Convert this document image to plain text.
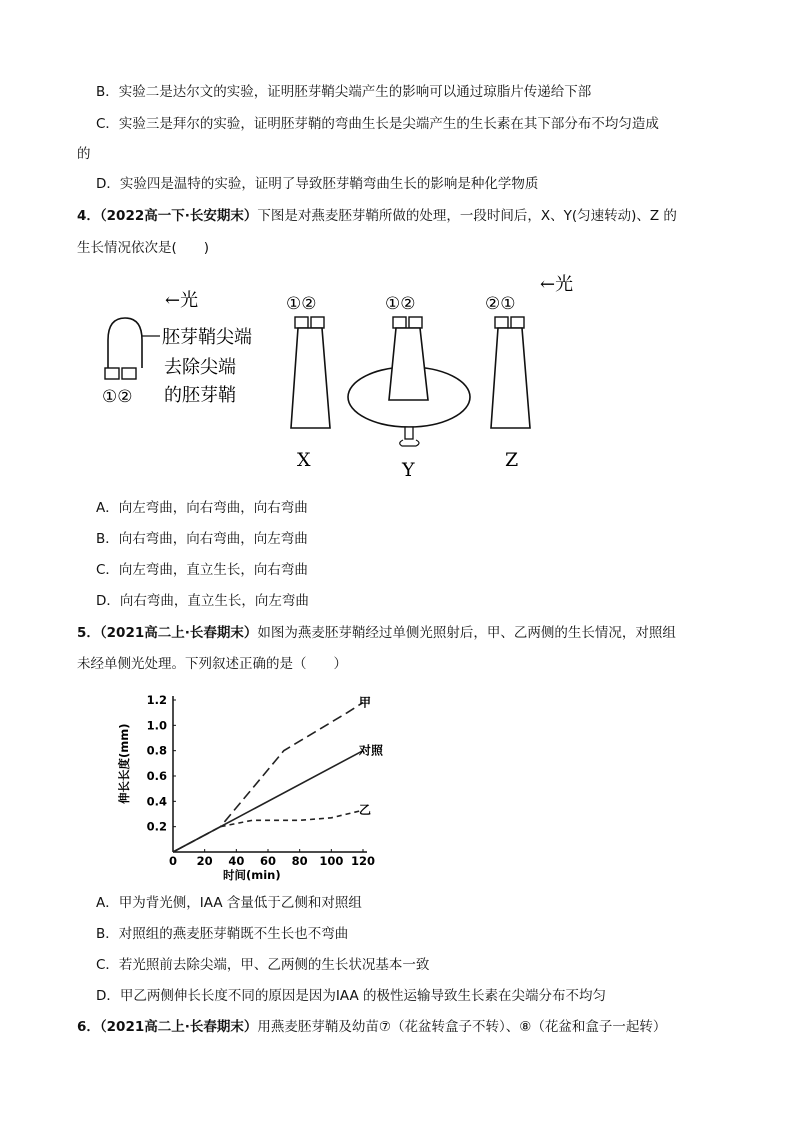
B．实验二是达尔文的实验，证明胚芽鞘尖端产生的影响可以通过琼脂片传递给下部
C．实验三是拜尔的实验，证明胚芽鞘的弯曲生长是尖端产生的生长素在其下部分布不均匀造成
的
D．实验四是温特的实验，证明了导致胚芽鞘弯曲生长的影响是种化学物质
4．（2022高一下·长安期末）下图是对燕麦胚芽鞘所做的处理，一段时间后，X、Y(匀速转动)、Z 的
生长情况依次是(　　)
←光
①②
胚芽鞘尖端
去除尖端
的胚芽鞘
①②
X
①②
Y
←光
②①
Z
A．向左弯曲，向右弯曲，向右弯曲
B．向右弯曲，向右弯曲，向左弯曲
C．向左弯曲，直立生长，向右弯曲
D．向右弯曲，直立生长，向左弯曲
5．（2021高二上·长春期末）如图为燕麦胚芽鞘经过单侧光照射后，甲、乙两侧的生长情况，对照组
未经单侧光处理。下列叙述正确的是（　　）
0 20 40 60 80 100 120
0.2
0.4
0.6
0.8
1.0
1.2
时间(min)
伸长长度(mm)
甲
对照
乙
A．甲为背光侧，IAA 含量低于乙侧和对照组
B．对照组的燕麦胚芽鞘既不生长也不弯曲
C．若光照前去除尖端，甲、乙两侧的生长状况基本一致
D．甲乙两侧伸长长度不同的原因是因为IAA 的极性运输导致生长素在尖端分布不均匀
6．（2021高二上·长春期末）用燕麦胚芽鞘及幼苗⑦（花盆转盒子不转）、⑧（花盆和盒子一起转）
